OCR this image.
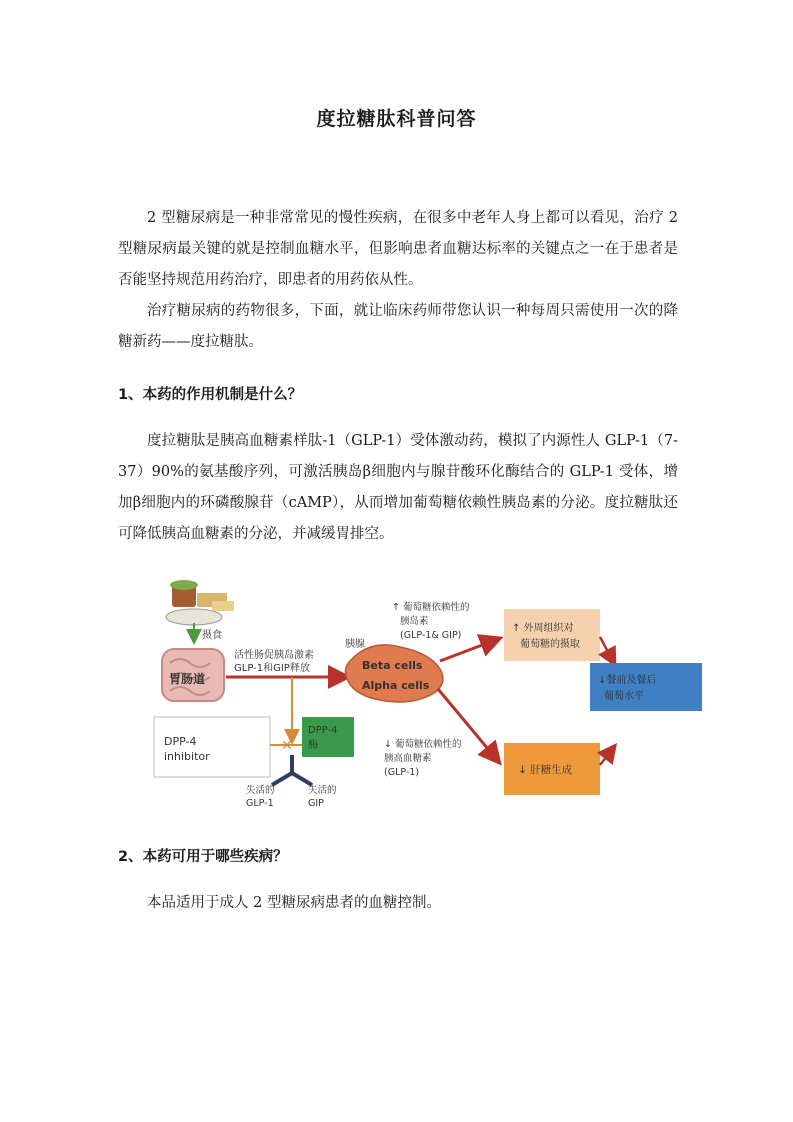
度拉糖肽科普问答

2 型糖尿病是一种非常常见的慢性疾病，在很多中老年人身上都可以看见，治疗 2 型糖尿病最关键的就是控制血糖水平，但影响患者血糖达标率的关键点之一在于患者是否能坚持规范用药治疗，即患者的用药依从性。

治疗糖尿病的药物很多，下面，就让临床药师带您认识一种每周只需使用一次的降糖新药——度拉糖肽。

1、本药的作用机制是什么？

度拉糖肽是胰高血糖素样肽-1（GLP-1）受体激动药，模拟了内源性人 GLP-1（7-37）90%的氨基酸序列，可激活胰岛β细胞内与腺苷酸环化酶结合的 GLP-1 受体，增加β细胞内的环磷酸腺苷（cAMP），从而增加葡萄糖依赖性胰岛素的分泌。度拉糖肽还可降低胰高血糖素的分泌，并减缓胃排空。

摄食
胃肠道
活性肠促胰岛激素
GLP-1和GIP释放
胰腺
Beta cells
Alpha cells
↑ 葡萄糖依赖性的
胰岛素
(GLP-1& GIP)
↓ 葡萄糖依赖性的
胰高血糖素
(GLP-1)
↑ 外周组织对
葡萄糖的摄取
↓ 肝糖生成
↓餐前及餐后
葡萄水平
DPP-4
inhibitor
✕
DPP-4
酶
失活的
GLP-1
失活的
GIP
2、本药可用于哪些疾病？

本品适用于成人 2 型糖尿病患者的血糖控制。
